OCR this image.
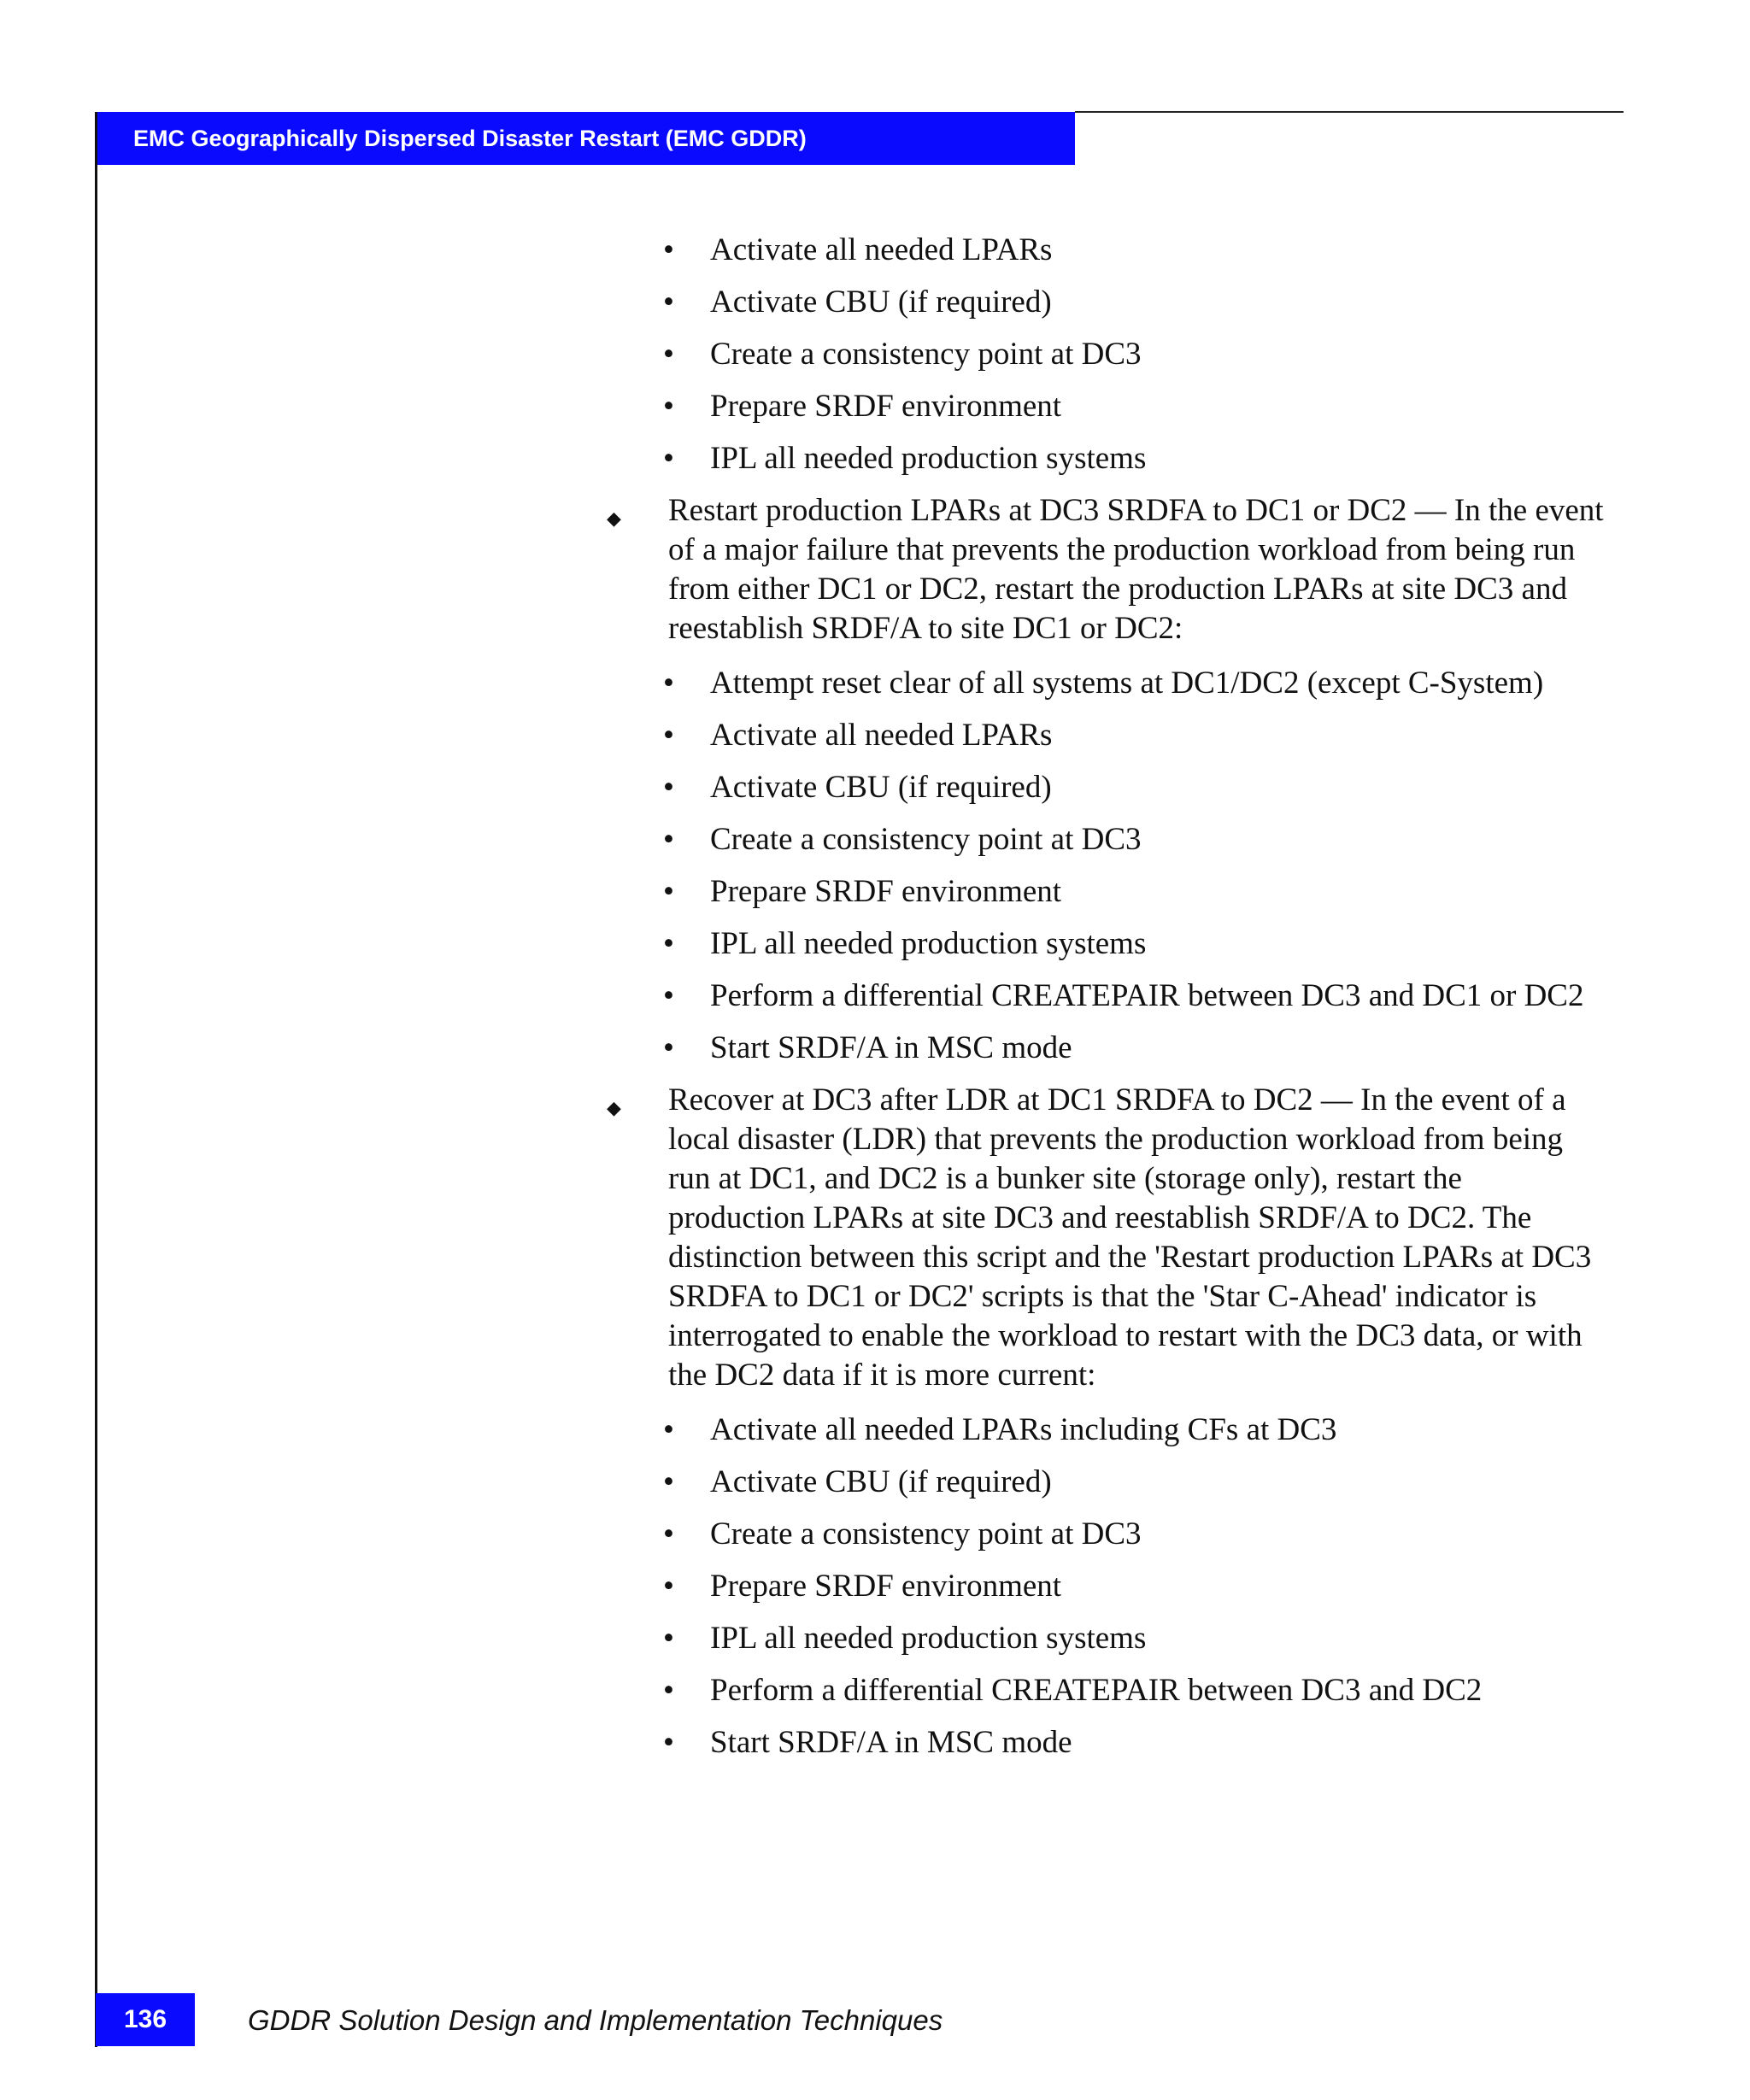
EMC Geographically Dispersed Disaster Restart (EMC GDDR)
• Activate all needed LPARs
• Activate CBU (if required)
• Create a consistency point at DC3
• Prepare SRDF environment
• IPL all needed production systems
◆ Restart production LPARs at DC3 SRDFA to DC1 or DC2 — In the event of a major failure that prevents the production workload from being run from either DC1 or DC2, restart the production LPARs at site DC3 and reestablish SRDF/A to site DC1 or DC2:
• Attempt reset clear of all systems at DC1/DC2 (except C-System)
• Activate all needed LPARs
• Activate CBU (if required)
• Create a consistency point at DC3
• Prepare SRDF environment
• IPL all needed production systems
• Perform a differential CREATEPAIR between DC3 and DC1 or DC2
• Start SRDF/A in MSC mode
◆ Recover at DC3 after LDR at DC1 SRDFA to DC2 — In the event of a local disaster (LDR) that prevents the production workload from being run at DC1, and DC2 is a bunker site (storage only), restart the production LPARs at site DC3 and reestablish SRDF/A to DC2. The distinction between this script and the 'Restart production LPARs at DC3 SRDFA to DC1 or DC2' scripts is that the 'Star C-Ahead' indicator is interrogated to enable the workload to restart with the DC3 data, or with the DC2 data if it is more current:
• Activate all needed LPARs including CFs at DC3
• Activate CBU (if required)
• Create a consistency point at DC3
• Prepare SRDF environment
• IPL all needed production systems
• Perform a differential CREATEPAIR between DC3 and DC2
• Start SRDF/A in MSC mode
136	GDDR Solution Design and Implementation Techniques
